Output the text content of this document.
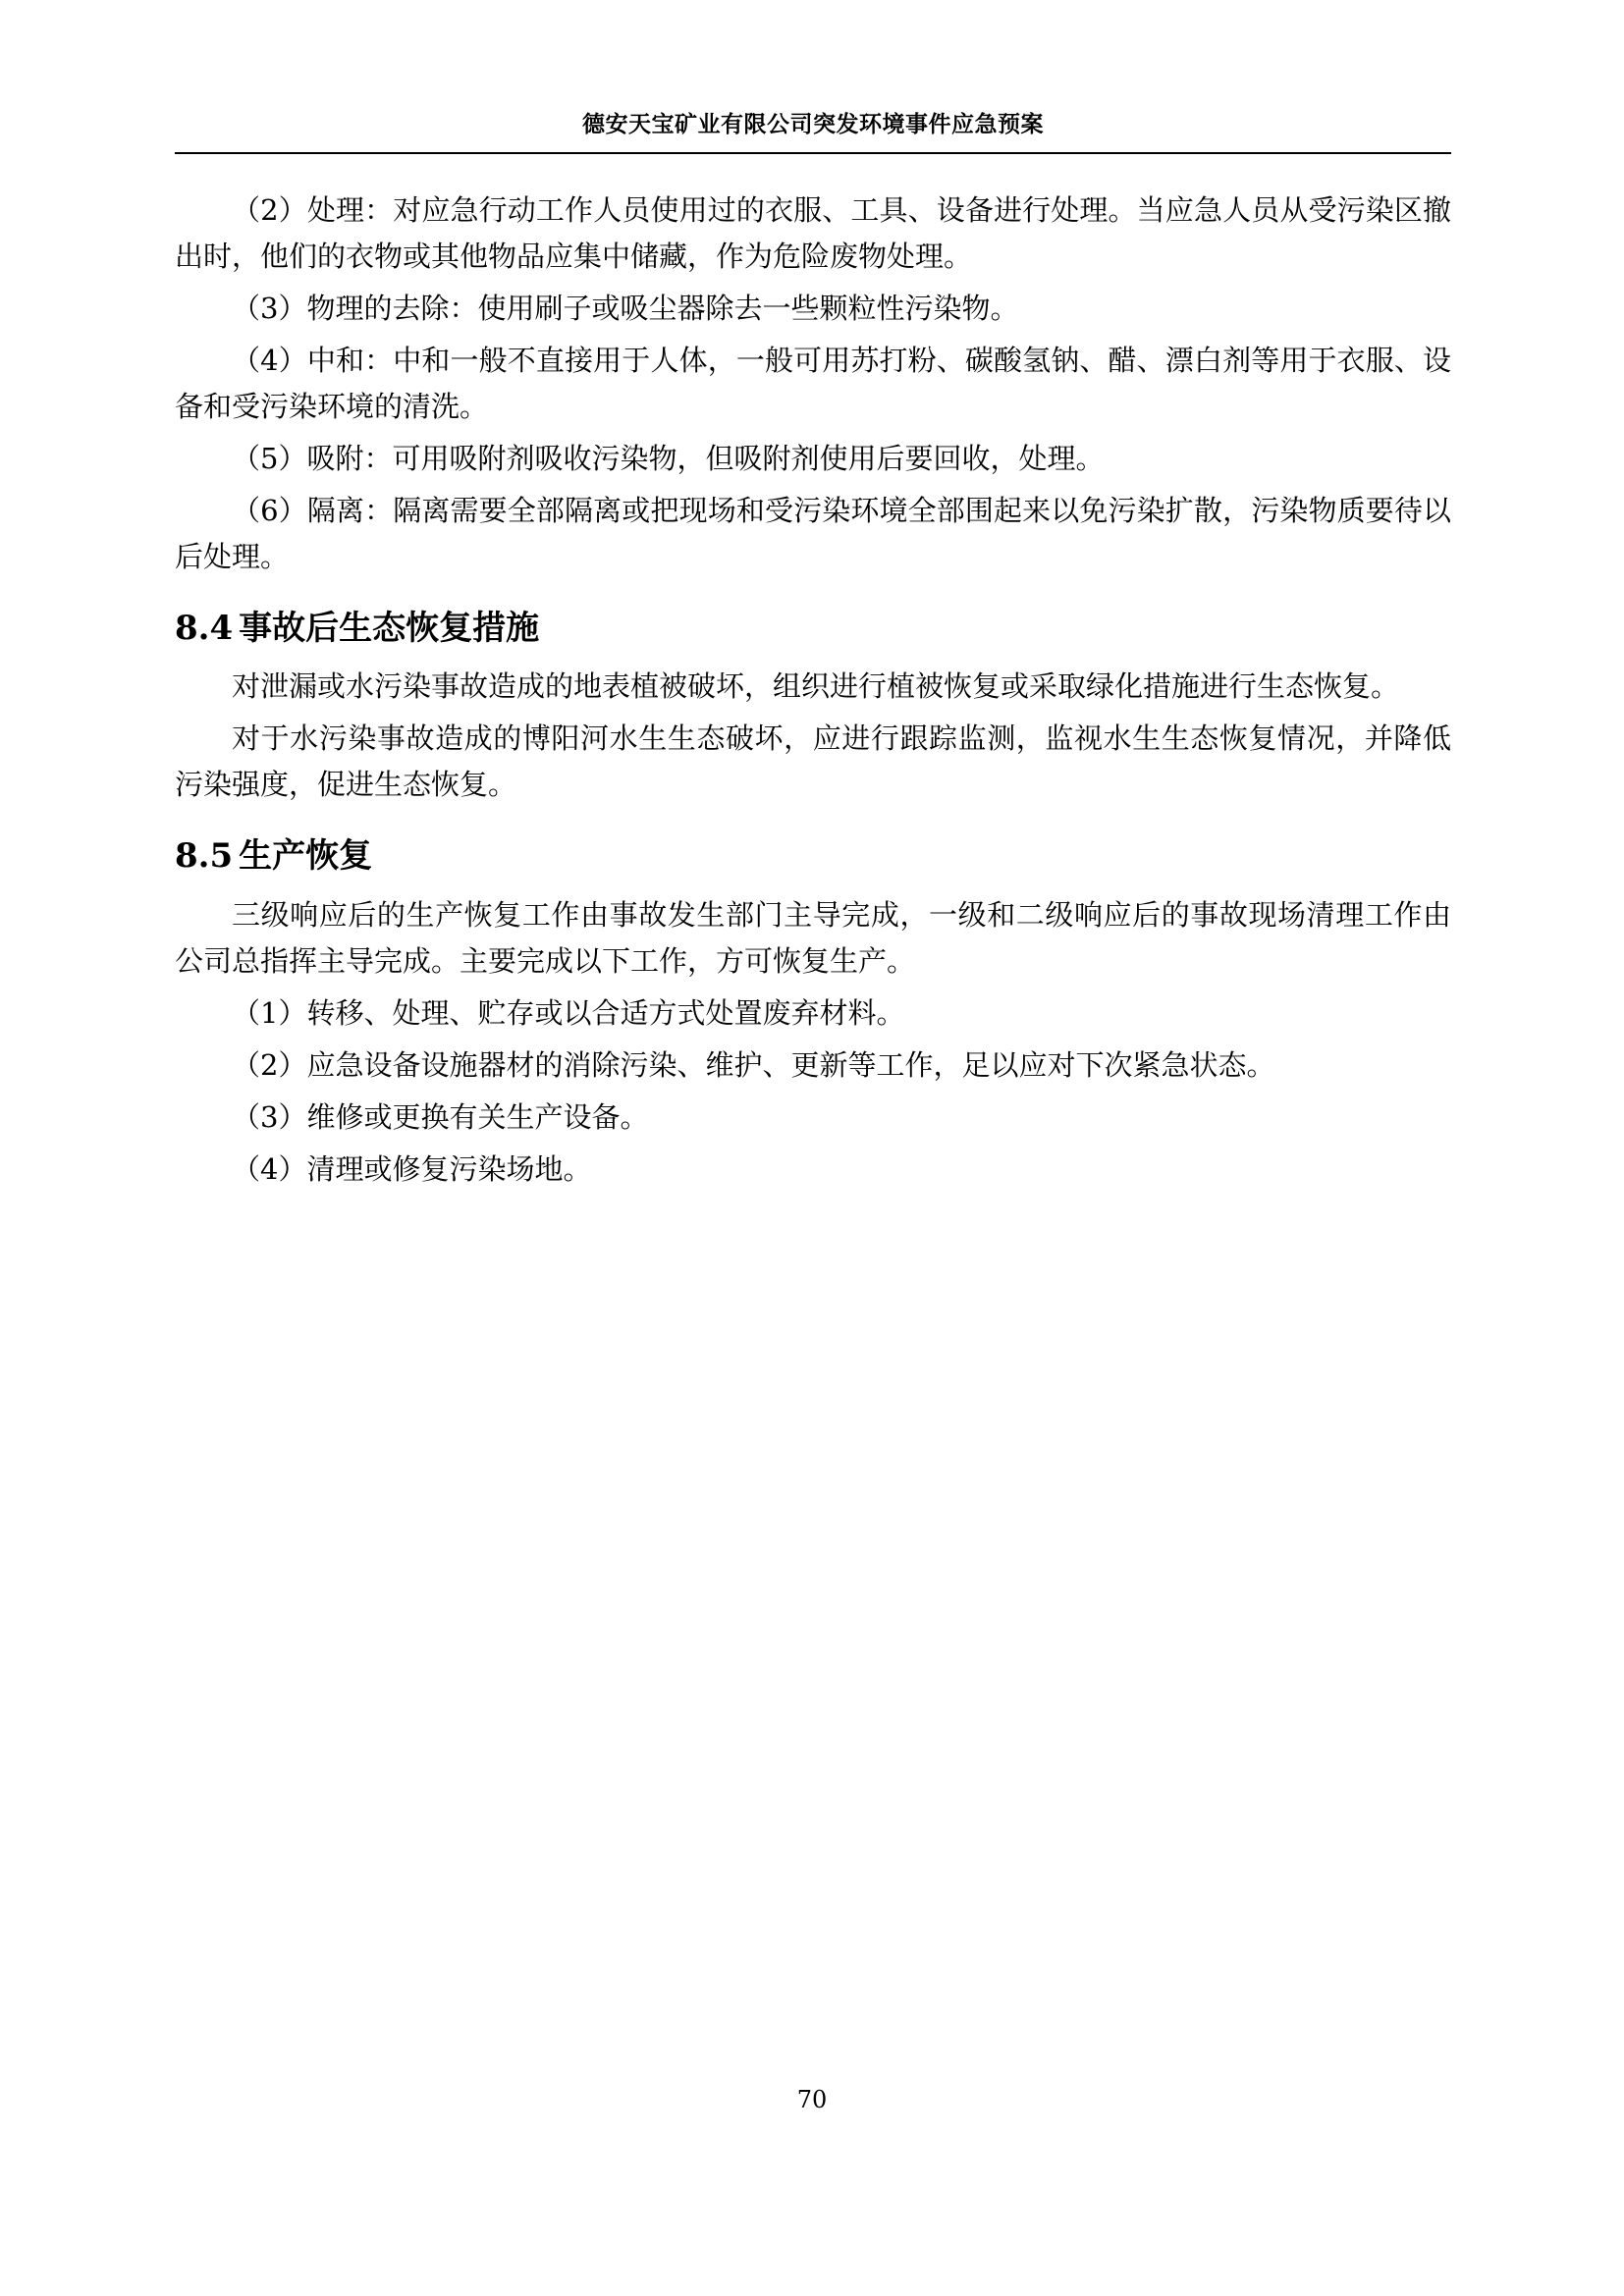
德安天宝矿业有限公司突发环境事件应急预案

（2）处理：对应急行动工作人员使用过的衣服、工具、设备进行处理。当应急人员从受污染区撤出时，他们的衣物或其他物品应集中储藏，作为危险废物处理。

（3）物理的去除：使用刷子或吸尘器除去一些颗粒性污染物。

（4）中和：中和一般不直接用于人体，一般可用苏打粉、碳酸氢钠、醋、漂白剂等用于衣服、设备和受污染环境的清洗。

（5）吸附：可用吸附剂吸收污染物，但吸附剂使用后要回收，处理。

（6）隔离：隔离需要全部隔离或把现场和受污染环境全部围起来以免污染扩散，污染物质要待以后处理。

8.4 事故后生态恢复措施

对泄漏或水污染事故造成的地表植被破坏，组织进行植被恢复或采取绿化措施进行生态恢复。

对于水污染事故造成的博阳河水生生态破坏，应进行跟踪监测，监视水生生态恢复情况，并降低污染强度，促进生态恢复。

8.5 生产恢复

三级响应后的生产恢复工作由事故发生部门主导完成，一级和二级响应后的事故现场清理工作由公司总指挥主导完成。主要完成以下工作，方可恢复生产。

（1）转移、处理、贮存或以合适方式处置废弃材料。

（2）应急设备设施器材的消除污染、维护、更新等工作，足以应对下次紧急状态。

（3）维修或更换有关生产设备。

（4）清理或修复污染场地。

70
